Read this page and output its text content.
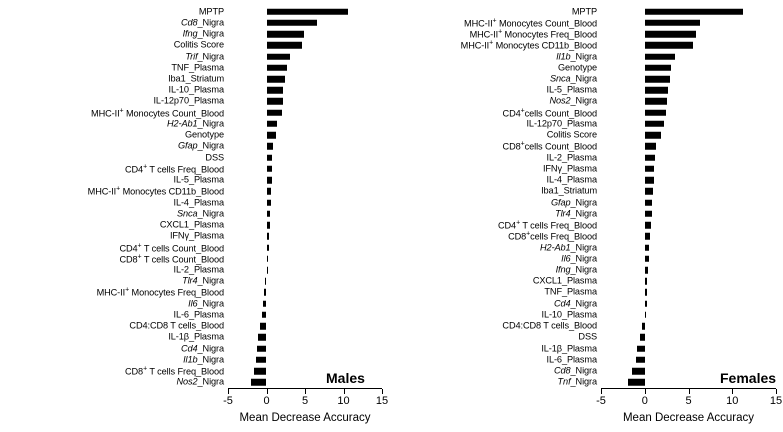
MPTP
Cd8_Nigra
Ifng_Nigra
Colitis Score
Trif_Nigra
TNF_Plasma
Iba1_Striatum
IL-10_Plasma
IL-12p70_Plasma
MHC-II+ Monocytes Count_Blood
H2-Ab1_Nigra
Genotype
Gfap_Nigra
DSS
CD4+ T cells Freq_Blood
IL-5_Plasma
MHC-II+ Monocytes CD11b_Blood
IL-4_Plasma
Snca_Nigra
CXCL1_Plasma
IFNγ_Plasma
CD4+ T cells Count_Blood
CD8+ T cells Count_Blood
IL-2_Plasma
Tlr4_Nigra
MHC-II+ Monocytes Freq_Blood
Il6_Nigra
IL-6_Plasma
CD4:CD8 T cells_Blood
IL-1β_Plasma
Cd4_Nigra
Il1b_Nigra
CD8+ T cells Freq_Blood
Nos2_Nigra
-5	0	5	10 15
Mean Decrease Accuracy
Males
MPTP
MHC-II+ Monocytes Count_Blood
MHC-II+ Monocytes Freq_Blood
MHC-II+ Monocytes CD11b_Blood
Il1b_Nigra
Genotype
Snca_Nigra
IL-5_Plasma
Nos2_Nigra
CD4+cells Count_Blood
IL-12p70_Plasma
Colitis Score
CD8+cells Count_Blood
IL-2_Plasma
IFNγ_Plasma
IL-4_Plasma
Iba1_Striatum
Gfap_Nigra
Tlr4_Nigra
CD4+ T cells Freq_Blood
CD8+cells Freq_Blood
H2-Ab1_Nigra
Il6_Nigra
Ifng_Nigra
CXCL1_Plasma
TNF_Plasma
Cd4_Nigra
IL-10_Plasma
CD4:CD8 T cells_Blood
DSS
IL-1β_Plasma
IL-6_Plasma
Cd8_Nigra
Tnf_Nigra
-5	0	5	10	15
Mean Decrease Accuracy
Females
